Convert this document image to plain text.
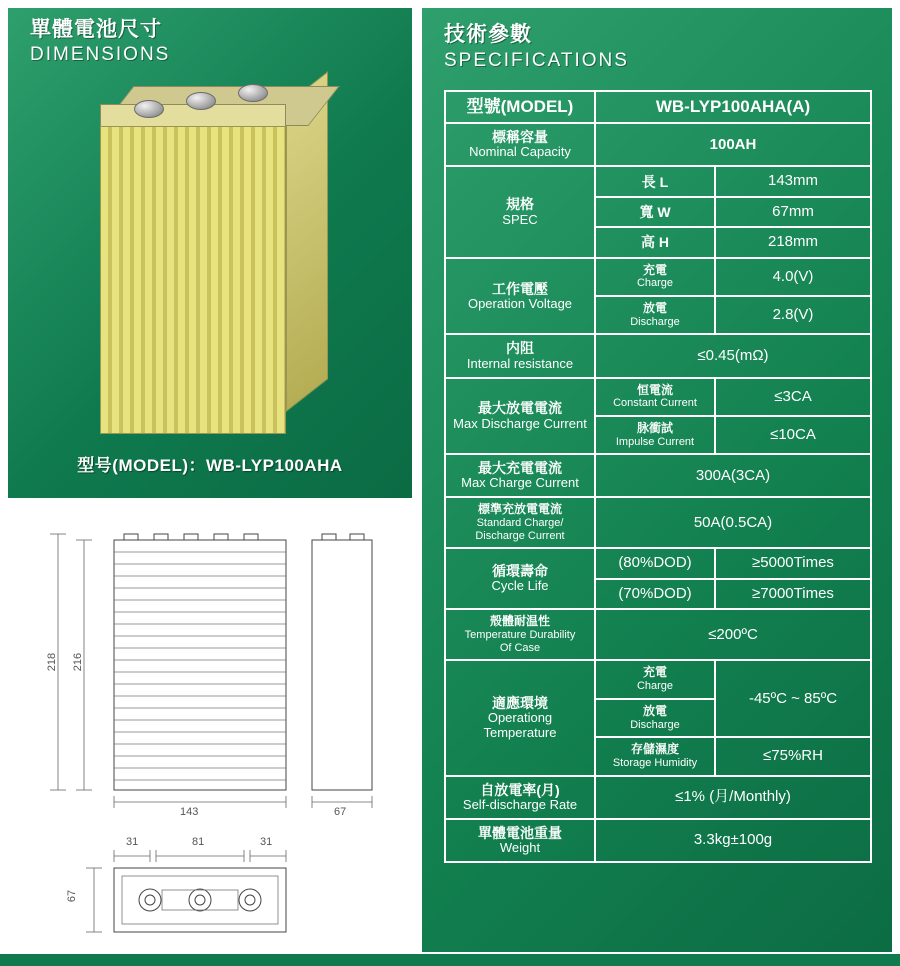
單體電池尺寸
DIMENSIONS
型号(MODEL)：WB-LYP100AHA
218 216
143	67
31	81	31
67
技術參數
SPECIFICATIONS
型號(MODEL)	WB-LYP100AHA(A)	

標稱容量
Nominal Capacity	100AH	

規格
SPEC	長 L	143mm

	寬 W	67mm

	高 H	218mm

工作電壓
Operation Voltage	充電
Charge	4.0(V)

	放電
Discharge	2.8(V)

内阻
Internal resistance	≤0.45(mΩ)	

最大放電電流
Max Discharge Current	恒電流
Constant Current	≤3CA

	脉衝試
Impulse Current	≤10CA

最大充電電流
Max Charge Current	300A(3CA)	

標準充放電電流
Standard Charge/
Discharge Current	50A(0.5CA)	

循環壽命
Cycle Life	(80%DOD)	≥5000Times
	(70%DOD)	≥7000Times

殼體耐温性
Temperature Durability
Of Case	≤200ºC	

適應環境
Operationg
Temperature	充電
Charge	-45ºC ~ 85ºC

	放電
Discharge	

	存儲濕度
Storage Humidity	≤75%RH

自放電率(月)
Self-discharge Rate	≤1% (月/Monthly)	

單體電池重量
Weight	3.3kg±100g	
